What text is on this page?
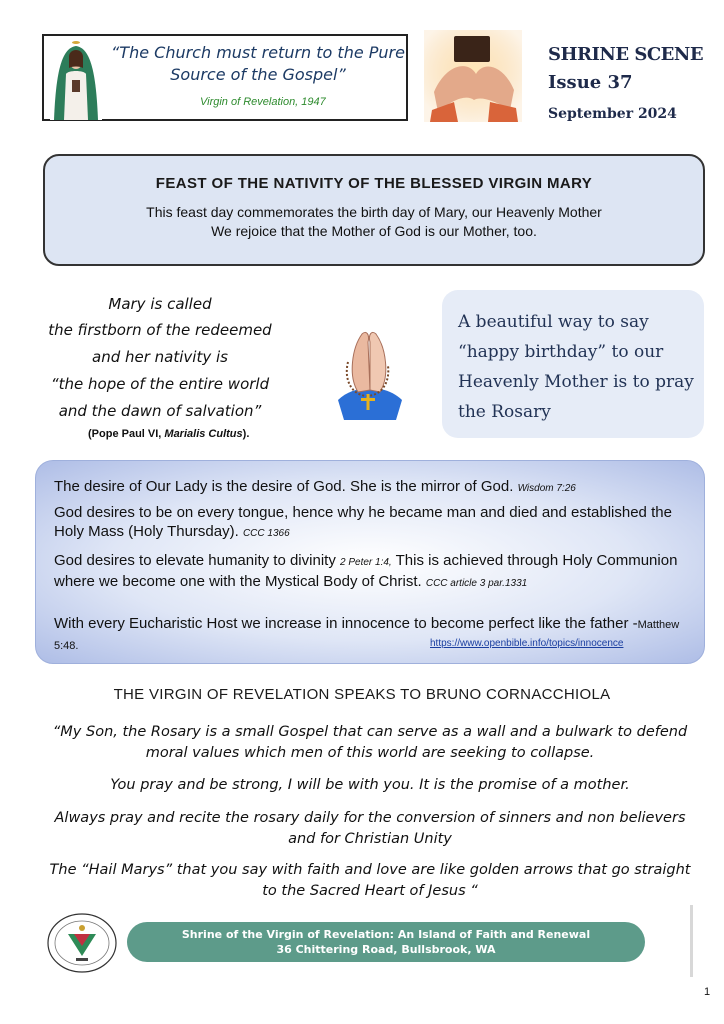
“The Church must return to the Pure Source of the Gospel”
Virgin of Revelation, 1947
SHRINE SCENE
Issue 37
September 2024
FEAST OF THE NATIVITY OF THE BLESSED VIRGIN MARY
This feast day commemorates the birth day of Mary, our Heavenly Mother
We rejoice that the Mother of God is our Mother, too.
Mary is called
the firstborn of the redeemed
and her nativity is
“the hope of the entire world
and the dawn of salvation”
(Pope Paul VI, Marialis Cultus).
A beautiful way to say “happy birthday” to our Heavenly Mother is to pray the Rosary
The desire of Our Lady is the desire of God. She is the mirror of God. Wisdom 7:26
God desires to be on every tongue, hence why he became man and died and established the Holy Mass (Holy Thursday). CCC 1366
God desires to elevate humanity to divinity 2 Peter 1:4, This is achieved through Holy Communion where we become one with the Mystical Body of Christ. CCC article 3 par.1331
With every Eucharistic Host we increase in innocence to become perfect like the father -Matthew 5:48.	https://www.openbible.info/topics/innocence
THE VIRGIN OF REVELATION SPEAKS TO BRUNO CORNACCHIOLA
“My Son, the Rosary is a small Gospel that can serve as a wall and a bulwark to defend moral values which men of this world are seeking to collapse.
You pray and be strong, I will be with you. It is the promise of a mother.
Always pray and recite the rosary daily for the conversion of sinners and non believers and for Christian Unity
The “Hail Marys” that you say with faith and love are like golden arrows that go straight to the Sacred Heart of Jesus “
Shrine of the Virgin of Revelation: An Island of Faith and Renewal
36 Chittering Road, Bullsbrook, WA
1
